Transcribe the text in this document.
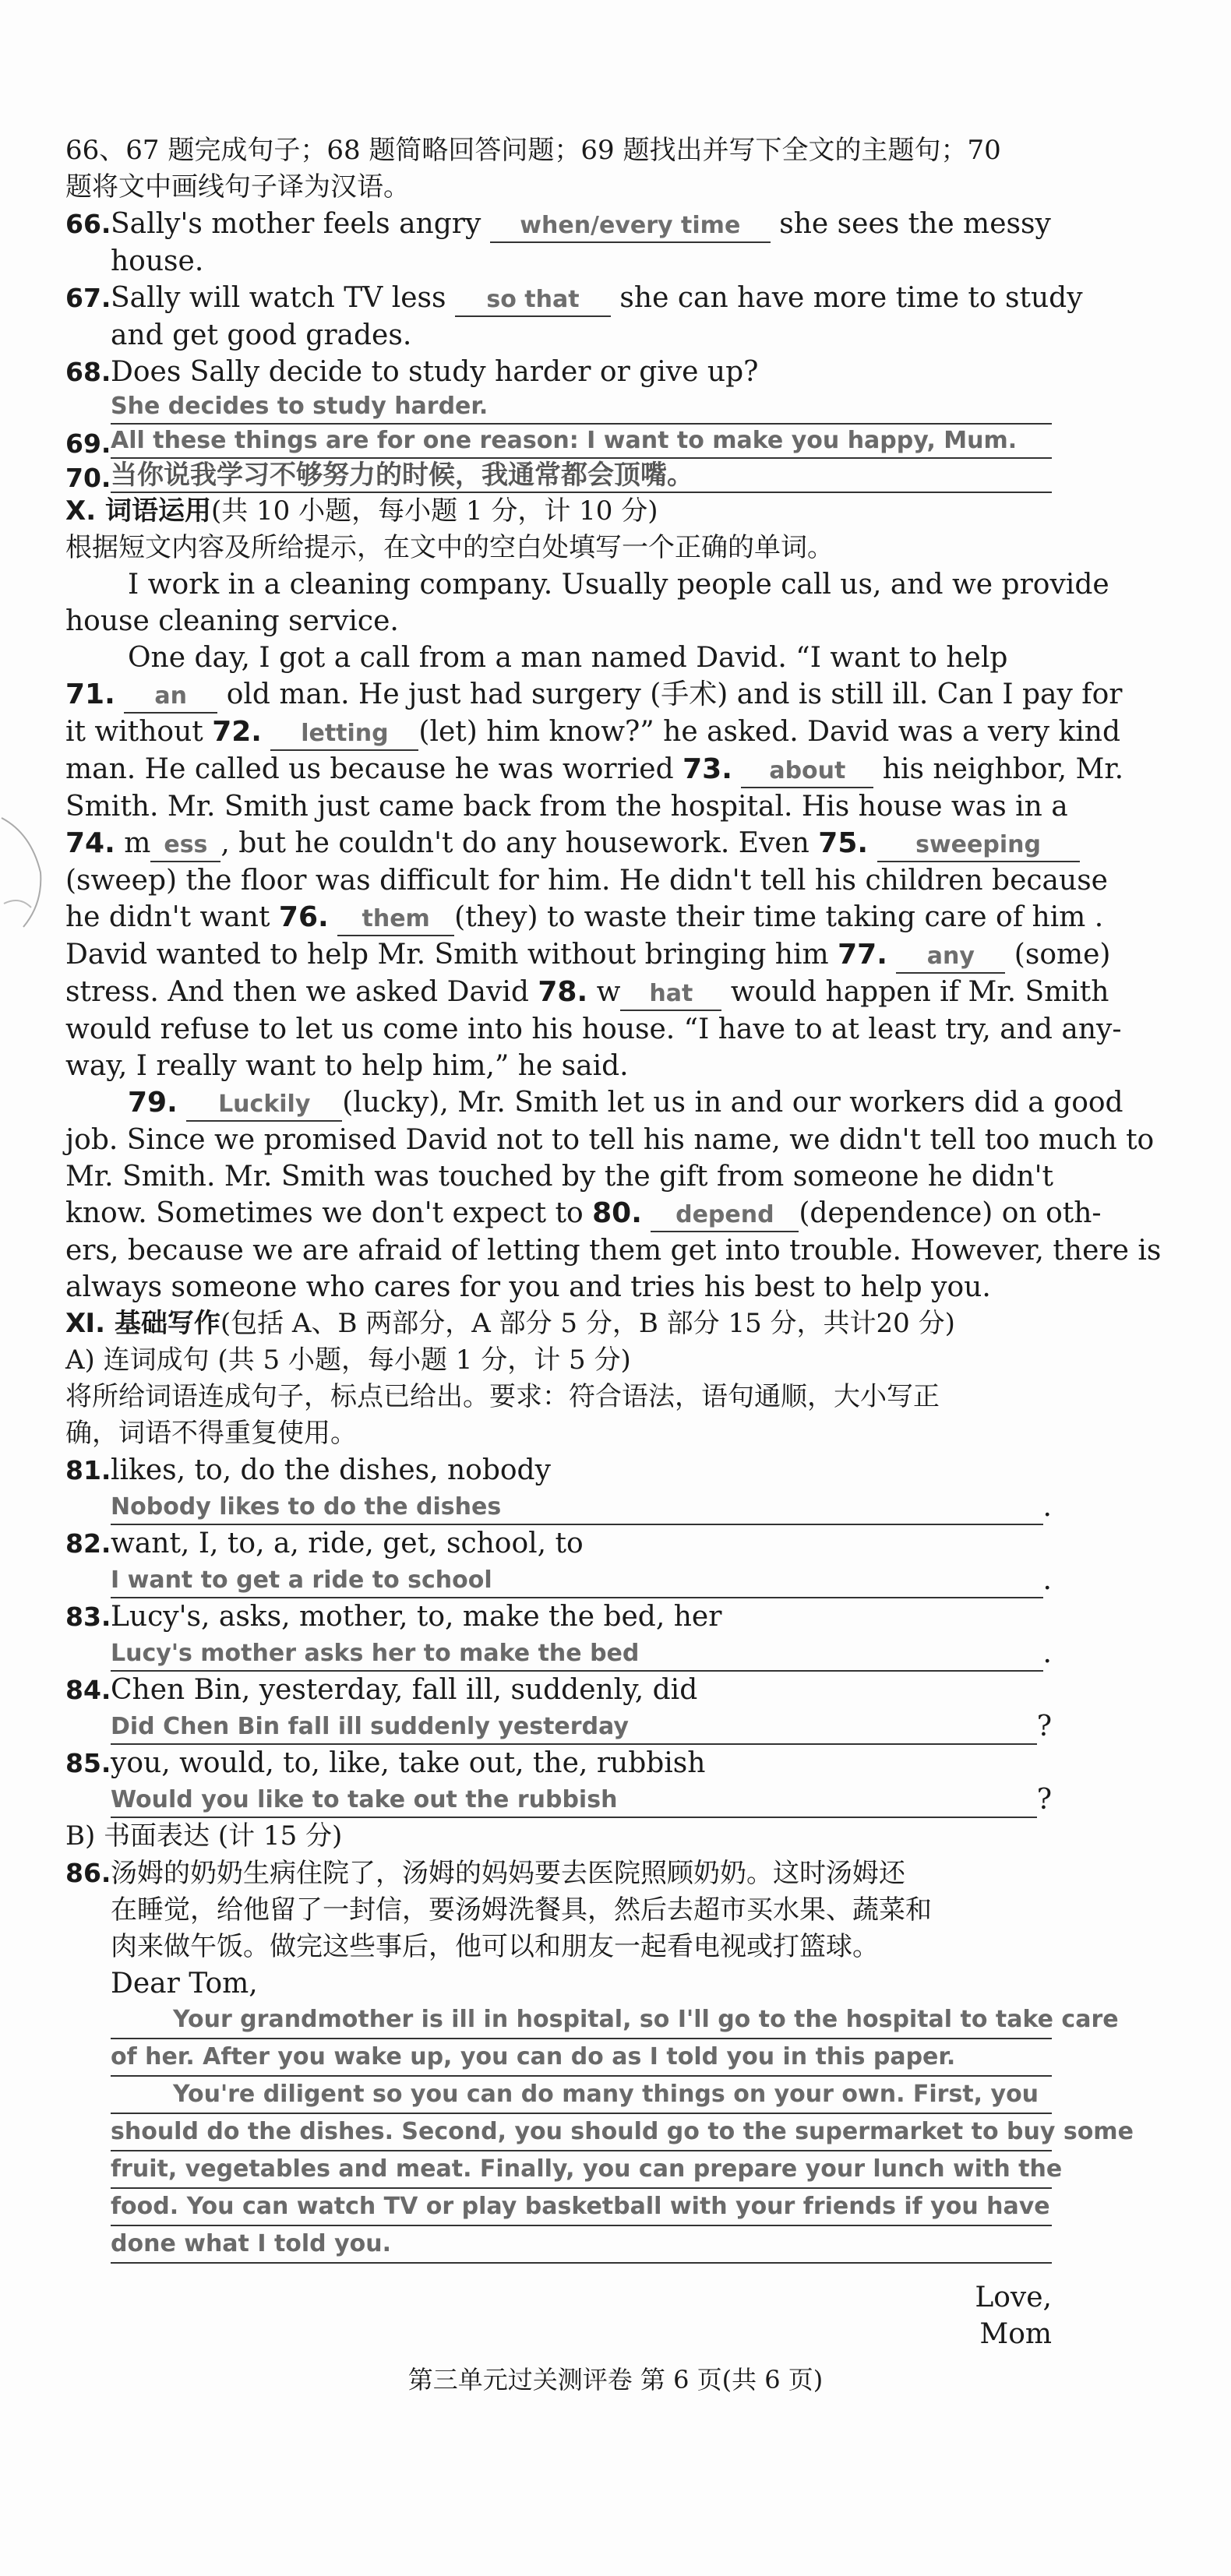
66、67 题完成句子；68 题简略回答问题；69 题找出并写下全文的主题句；70
题将文中画线句子译为汉语。
66.Sally's mother feels angry when/every time she sees the messy
house.
67.Sally will watch TV less so that she can have more time to study
and get good grades.
68.Does Sally decide to study harder or give up?
She decides to study harder.
69. All these things are for one reason: I want to make you happy, Mum.
70. 当你说我学习不够努力的时候，我通常都会顶嘴。
Ⅹ. 词语运用(共 10 小题，每小题 1 分，计 10 分)
根据短文内容及所给提示，在文中的空白处填写一个正确的单词。
I work in a cleaning company. Usually people call us, and we provide
house cleaning service.
One day, I got a call from a man named David. “I want to help
71. an old man. He just had surgery (手术) and is still ill. Can I pay for
it without 72. letting (let) him know?” he asked. David was a very kind
man. He called us because he was worried 73. about his neighbor, Mr.
Smith. Mr. Smith just came back from the hospital. His house was in a
74. m ess , but he couldn't do any housework. Even 75. sweeping
(sweep) the floor was difficult for him. He didn't tell his children because
he didn't want 76. them (they) to waste their time taking care of him .
David wanted to help Mr. Smith without bringing him 77. any (some)
stress. And then we asked David 78. w hat would happen if Mr. Smith
would refuse to let us come into his house. “I have to at least try, and any-
way, I really want to help him,” he said.
79. Luckily (lucky), Mr. Smith let us in and our workers did a good
job. Since we promised David not to tell his name, we didn't tell too much to
Mr. Smith. Mr. Smith was touched by the gift from someone he didn't
know. Sometimes we don't expect to 80. depend (dependence) on oth-
ers, because we are afraid of letting them get into trouble. However, there is
always someone who cares for you and tries his best to help you.
Ⅺ. 基础写作(包括 A、B 两部分，A 部分 5 分，B 部分 15 分，共计20 分)
A) 连词成句 (共 5 小题，每小题 1 分，计 5 分)
将所给词语连成句子，标点已给出。要求：符合语法，语句通顺，大小写正
确，词语不得重复使用。
81.likes, to, do the dishes, nobody
Nobody likes to do the dishes	.
82.want, I, to, a, ride, get, school, to
I want to get a ride to school	.
83.Lucy's, asks, mother, to, make the bed, her
Lucy's mother asks her to make the bed	.
84.Chen Bin, yesterday, fall ill, suddenly, did
Did Chen Bin fall ill suddenly yesterday	?
85.you, would, to, like, take out, the, rubbish
Would you like to take out the rubbish	?
B) 书面表达 (计 15 分)
86.汤姆的奶奶生病住院了，汤姆的妈妈要去医院照顾奶奶。这时汤姆还
在睡觉，给他留了一封信，要汤姆洗餐具，然后去超市买水果、蔬菜和
肉来做午饭。做完这些事后，他可以和朋友一起看电视或打篮球。
Dear Tom,
Your grandmother is ill in hospital, so I'll go to the hospital to take care
of her. After you wake up, you can do as I told you in this paper.
You're diligent so you can do many things on your own. First, you
should do the dishes. Second, you should go to the supermarket to buy some
fruit, vegetables and meat. Finally, you can prepare your lunch with the
food. You can watch TV or play basketball with your friends if you have
done what I told you.
Love,
Mom
第三单元过关测评卷 第 6 页(共 6 页)
